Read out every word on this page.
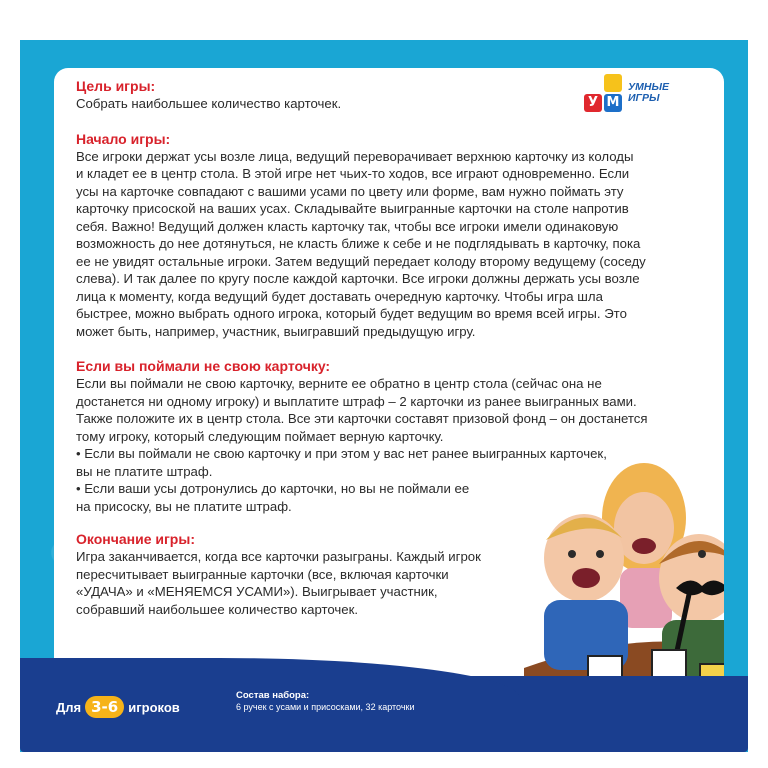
У М
УМНЫЕ
ИГРЫ

Цель игры:

Собрать наибольшее количество карточек.

Начало игры:

Все игроки держат усы возле лица, ведущий переворачивает верхнюю карточку из колоды

и кладет ее в центр стола. В этой игре нет чьих-то ходов, все играют одновременно. Если

усы на карточке совпадают с вашими усами по цвету или форме, вам нужно поймать эту

карточку присоской на ваших усах. Складывайте выигранные карточки на столе напротив

себя. Важно! Ведущий должен класть карточку так, чтобы все игроки имели одинаковую

возможность до нее дотянуться, не класть ближе к себе и не подглядывать в карточку, пока

ее не увидят остальные игроки. Затем ведущий передает колоду второму ведущему (соседу

слева). И так далее по кругу после каждой карточки. Все игроки должны держать усы возле

лица к моменту, когда ведущий будет доставать очередную карточку. Чтобы игра шла

быстрее, можно выбрать одного игрока, который будет ведущим во время всей игры. Это

может быть, например, участник, выигравший предыдущую игру.

Если вы поймали не свою карточку:

Если вы поймали не свою карточку, верните ее обратно в центр стола (сейчас она не

достанется ни одному игроку) и выплатите штраф – 2 карточки из ранее выигранных вами.

Также положите их в центр стола. Все эти карточки составят призовой фонд – он достанется

тому игроку, который следующим поймает верную карточку.

• Если вы поймали не свою карточку и при этом у вас нет ранее выигранных карточек,

вы не платите штраф.

• Если ваши усы дотронулись до карточки, но вы не поймали ее

на присоску, вы не платите штраф.

Окончание игры:

Игра заканчивается, когда все карточки разыграны. Каждый игрок

пересчитывает выигранные карточки (все, включая карточки

«УДАЧА» и «МЕНЯЕМСЯ УСАМИ»). Выигрывает участник,

собравший наибольшее количество карточек.

Для 3-6 игроков
Состав набора:
6 ручек с усами и присосками, 32 карточки
